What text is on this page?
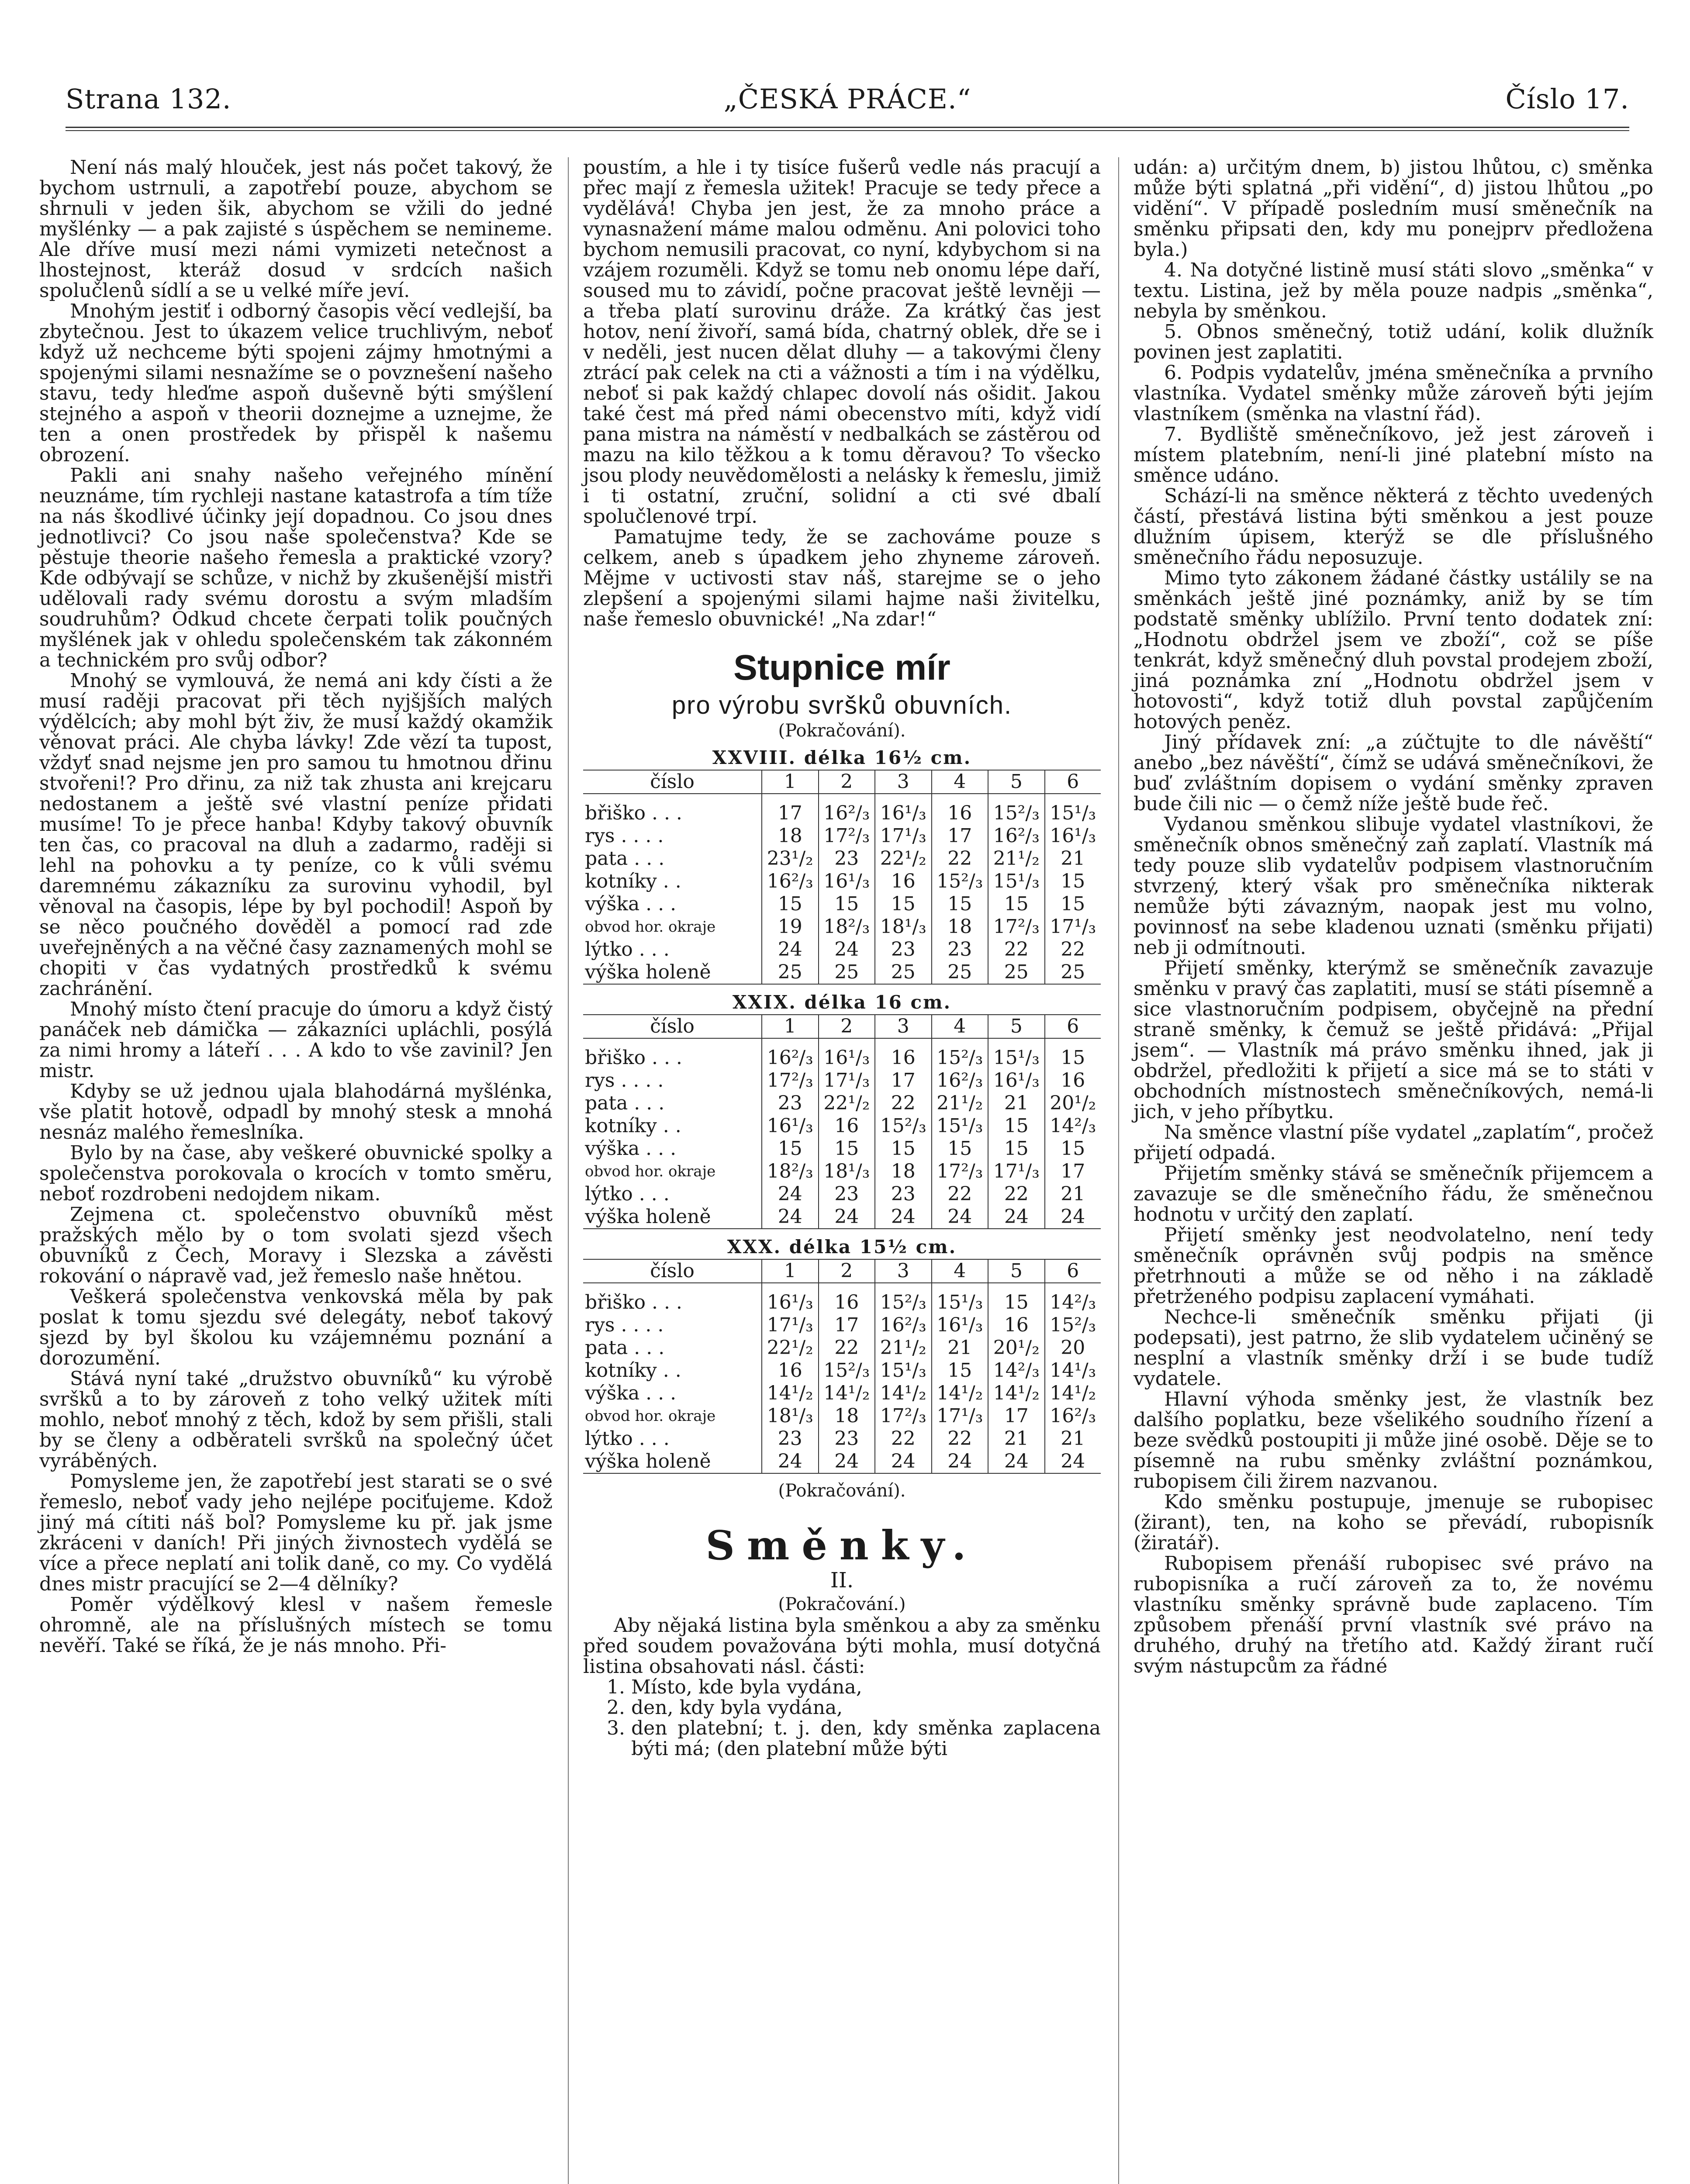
Strana 132.	„ČESKÁ PRÁCE.“	Číslo 17.

Není nás malý hlouček, jest nás počet takový, že bychom ustrnuli, a zapotřebí pouze, abychom se shrnuli v jeden šik, abychom se vžili do jedné myšlénky — a pak zajisté s úspěchem se nemineme. Ale dříve musí mezi námi vymizeti netečnost a lhostejnost, kteráž dosud v srdcích našich spolučlenů sídlí a se u velké míře jeví.

Mnohým jestiť i odborný časopis věcí vedlejší, ba zbytečnou. Jest to úkazem velice truchlivým, neboť když už nechceme býti spojeni zájmy hmotnými a spojenými silami nesnažíme se o povznešení našeho stavu, tedy hleďme aspoň duševně býti smýšlení stejného a aspoň v theorii doznejme a uznejme, že ten a onen prostředek by přispěl k našemu obrození.

Pakli ani snahy našeho veřejného mínění neuznáme, tím rychleji nastane katastrofa a tím tíže na nás škodlivé účinky její dopadnou. Co jsou dnes jednotlivci? Co jsou naše společenstva? Kde se pěstuje theorie našeho řemesla a praktické vzory? Kde odbývají se schůze, v nichž by zkušenější mistři udělovali rady svému dorostu a svým mladším soudruhům? Odkud chcete čerpati tolik poučných myšlének jak v ohledu společenském tak zákonném a technickém pro svůj odbor?

Mnohý se vymlouvá, že nemá ani kdy čísti a že musí raději pracovat při těch nyjšjších malých výdělcích; aby mohl být živ, že musí každý okamžik věnovat práci. Ale chyba lávky! Zde vězí ta tupost, vždyť snad nejsme jen pro samou tu hmotnou dřinu stvořeni!? Pro dřinu, za niž tak zhusta ani krejcaru nedostanem a ještě své vlastní peníze přidati musíme! To je přece hanba! Kdyby takový obuvník ten čas, co pracoval na dluh a zadarmo, raději si lehl na pohovku a ty peníze, co k vůli svému daremnému zákazníku za surovinu vyhodil, byl věnoval na časopis, lépe by byl pochodil! Aspoň by se něco poučného dověděl a pomocí rad zde uveřejněných a na věčné časy zaznamených mohl se chopiti v čas vydatných prostředků k svému zachránění.

Mnohý místo čtení pracuje do úmoru a když čistý panáček neb dámička — zákazníci upláchli, posýlá za nimi hromy a láteří . . . A kdo to vše zavinil? Jen mistr.

Kdyby se už jednou ujala blahodárná myšlénka, vše platit hotově, odpadl by mnohý stesk a mnohá nesnáz malého řemeslníka.

Bylo by na čase, aby veškeré obuvnické spolky a společenstva porokovala o krocích v tomto směru, neboť rozdrobeni nedojdem nikam.

Zejmena ct. společenstvo obuvníků měst pražských mělo by o tom svolati sjezd všech obuvníků z Čech, Moravy i Slezska a závěsti rokování o nápravě vad, jež řemeslo naše hnětou.

Veškerá společenstva venkovská měla by pak poslat k tomu sjezdu své delegáty, neboť takový sjezd by byl školou ku vzájemnému poznání a dorozumění.

Stává nyní také „družstvo obuvníků“ ku výrobě svršků a to by zároveň z toho velký užitek míti mohlo, neboť mnohý z těch, kdož by sem přišli, stali by se členy a odběrateli svršků na společný účet vyráběných.

Pomysleme jen, že zapotřebí jest starati se o své řemeslo, neboť vady jeho nejlépe pociťujeme. Kdož jiný má cítiti náš bol? Pomysleme ku př. jak jsme zkráceni v daních! Při jiných živnostech vydělá se více a přece neplatí ani tolik daně, co my. Co vydělá dnes mistr pracující se 2—4 dělníky?

Poměr výdělkový klesl v našem řemesle ohromně, ale na příslušných místech se tomu nevěří. Také se říká, že je nás mnoho. Při-

poustím, a hle i ty tisíce fušerů vedle nás pracují a přec mají z řemesla užitek! Pracuje se tedy přece a vydělává! Chyba jen jest, že za mnoho práce a vynasnažení máme malou odměnu. Ani polovici toho bychom nemusili pracovat, co nyní, kdybychom si na vzájem rozuměli. Když se tomu neb onomu lépe daří, soused mu to závidí, počne pracovat ještě levněji — a třeba platí surovinu dráže. Za krátký čas jest hotov, není živoří, samá bída, chatrný oblek, dře se i v neděli, jest nucen dělat dluhy — a takovými členy ztrácí pak celek na cti a vážnosti a tím i na výdělku, neboť si pak každý chlapec dovolí nás ošidit. Jakou také čest má před námi obecenstvo míti, když vidí pana mistra na náměstí v nedbalkách se zástěrou od mazu na kilo těžkou a k tomu děravou? To všecko jsou plody neuvědomělosti a nelásky k řemeslu, jimiž i ti ostatní, zruční, solidní a cti své dbalí spolučlenové trpí.

Pamatujme tedy, že se zachováme pouze s celkem, aneb s úpadkem jeho zhyneme zároveň. Mějme v uctivosti stav náš, starejme se o jeho zlepšení a spojenými silami hajme naši živitelku, naše řemeslo obuvnické! „Na zdar!“

Stupnice mír
pro výrobu svršků obuvních.
(Pokračování).
XXVIII. délka 16½ cm.
číslo	1	2	3	4	5	6
břiško . . .	17	16²/₃	16¹/₃	16	15²/₃	15¹/₃
rys . . . .	18	17²/₃	17¹/₃	17	16²/₃	16¹/₃
pata . . .	23¹/₂	23	22¹/₂	22	21¹/₂	21
kotníky . .	16²/₃	16¹/₃	16	15²/₃	15¹/₃	15
výška . . .	15	15	15	15	15	15
obvod hor. okraje	19	18²/₃	18¹/₃	18	17²/₃	17¹/₃
lýtko . . .	24	24	23	23	22	22
výška holeně	25	25	25	25	25	25
XXIX. délka 16 cm.
číslo	1	2	3	4	5	6
břiško . . .	16²/₃	16¹/₃	16	15²/₃	15¹/₃	15
rys . . . .	17²/₃	17¹/₃	17	16²/₃	16¹/₃	16
pata . . .	23	22¹/₂	22	21¹/₂	21	20¹/₂
kotníky . .	16¹/₃	16	15²/₃	15¹/₃	15	14²/₃
výška . . .	15	15	15	15	15	15
obvod hor. okraje	18²/₃	18¹/₃	18	17²/₃	17¹/₃	17
lýtko . . .	24	23	23	22	22	21
výška holeně	24	24	24	24	24	24
XXX. délka 15½ cm.
číslo	1	2	3	4	5	6
břiško . . .	16¹/₃	16	15²/₃	15¹/₃	15	14²/₃
rys . . . .	17¹/₃	17	16²/₃	16¹/₃	16	15²/₃
pata . . .	22¹/₂	22	21¹/₂	21	20¹/₂	20
kotníky . .	16	15²/₃	15¹/₃	15	14²/₃	14¹/₃
výška . . .	14¹/₂	14¹/₂	14¹/₂	14¹/₂	14¹/₂	14¹/₂
obvod hor. okraje	18¹/₃	18	17²/₃	17¹/₃	17	16²/₃
lýtko . . .	23	23	22	22	21	21
výška holeně	24	24	24	24	24	24
(Pokračování).
Směnky.
II.
(Pokračování.)

Aby nějaká listina byla směnkou a aby za směnku před soudem považována býti mohla, musí dotyčná listina obsahovati násl. části:

1. Místo, kde byla vydána,
2. den, kdy byla vydána,
3. den platební; t. j. den, kdy směnka zaplacena býti má; (den platební může býti

udán: a) určitým dnem, b) jistou lhůtou, c) směnka může býti splatná „při vidění“, d) jistou lhůtou „po vidění“. V případě posledním musí směnečník na směnku připsati den, kdy mu ponejprv předložena byla.)

4. Na dotyčné listině musí státi slovo „směnka“ v textu. Listina, jež by měla pouze nadpis „směnka“, nebyla by směnkou.

5. Obnos směnečný, totiž udání, kolik dlužník povinen jest zaplatiti.

6. Podpis vydatelův, jména směnečníka a prvního vlastníka. Vydatel směnky může zároveň býti jejím vlastníkem (směnka na vlastní řád).

7. Bydliště směnečníkovo, jež jest zároveň i místem platebním, není-li jiné platební místo na směnce udáno.

Schází-li na směnce některá z těchto uvedených částí, přestává listina býti směnkou a jest pouze dlužním úpisem, kterýž se dle příslušného směnečního řádu neposuzuje.

Mimo tyto zákonem žádané částky ustálily se na směnkách ještě jiné poznámky, aniž by se tím podstatě směnky ublížilo. První tento dodatek zní: „Hodnotu obdržel jsem ve zboží“, což se píše tenkrát, když směnečný dluh povstal prodejem zboží, jiná poznámka zní „Hodnotu obdržel jsem v hotovosti“, když totiž dluh povstal zapůjčením hotových peněz.

Jiný přídavek zní: „a zúčtujte to dle návěští“ anebo „bez návěští“, čímž se udává směnečníkovi, že buď zvláštním dopisem o vydání směnky zpraven bude čili nic — o čemž níže ještě bude řeč.

Vydanou směnkou slibuje vydatel vlastníkovi, že směnečník obnos směnečný zaň zaplatí. Vlastník má tedy pouze slib vydatelův podpisem vlastnoručním stvrzený, který však pro směnečníka nikterak nemůže býti závazným, naopak jest mu volno, povinnosť na sebe kladenou uznati (směnku přijati) neb ji odmítnouti.

Přijetí směnky, kterýmž se směnečník zavazuje směnku v pravý čas zaplatiti, musí se státi písemně a sice vlastnoručním podpisem, obyčejně na přední straně směnky, k čemuž se ještě přidává: „Přijal jsem“. — Vlastník má právo směnku ihned, jak ji obdržel, předložiti k přijetí a sice má se to státi v obchodních místnostech směnečníkových, nemá-li jich, v jeho příbytku.

Na směnce vlastní píše vydatel „zaplatím“, pročež přijetí odpadá.

Přijetím směnky stává se směnečník přijemcem a zavazuje se dle směnečního řádu, že směnečnou hodnotu v určitý den zaplatí.

Přijetí směnky jest neodvolatelno, není tedy směnečník oprávněn svůj podpis na směnce přetrhnouti a může se od něho i na základě přetrženého podpisu zaplacení vymáhati.

Nechce-li směnečník směnku přijati (ji podepsati), jest patrno, že slib vydatelem učiněný se nesplní a vlastník směnky drží i se bude tudíž vydatele.

Hlavní výhoda směnky jest, že vlastník bez dalšího poplatku, beze všelikého soudního řízení a beze svědků postoupiti ji může jiné osobě. Děje se to písemně na rubu směnky zvláštní poznámkou, rubopisem čili žirem nazvanou.

Kdo směnku postupuje, jmenuje se rubopisec (žirant), ten, na koho se převádí, rubopisník (žiratář).

Rubopisem přenáší rubopisec své právo na rubopisníka a ručí zároveň za to, že novému vlastníku směnky správně bude zaplaceno. Tím způsobem přenáší první vlastník své právo na druhého, druhý na třetího atd. Každý žirant ručí svým nástupcům za řádné
